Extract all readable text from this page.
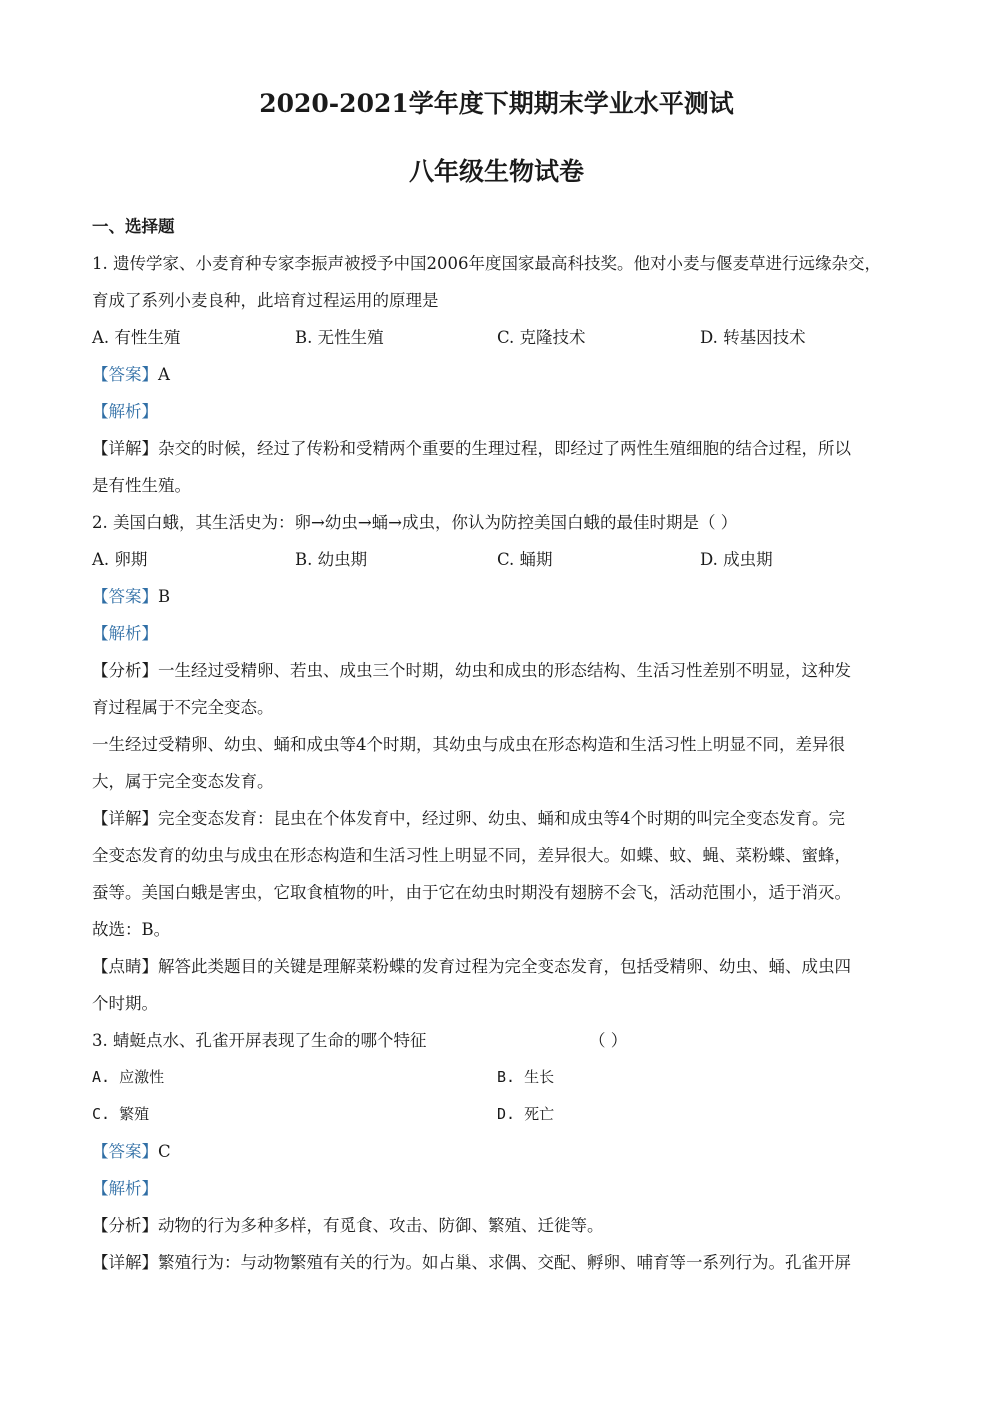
2020-2021学年度下期期末学业水平测试
八年级生物试卷
一、选择题
1. 遗传学家、小麦育种专家李振声被授予中国2006年度国家最高科技奖。他对小麦与偃麦草进行远缘杂交，
育成了系列小麦良种，此培育过程运用的原理是
A. 有性生殖	B. 无性生殖	C. 克隆技术	D. 转基因技术
【答案】A
【解析】
【详解】杂交的时候，经过了传粉和受精两个重要的生理过程，即经过了两性生殖细胞的结合过程，所以
是有性生殖。
2. 美国白蛾，其生活史为：卵→幼虫→蛹→成虫，你认为防控美国白蛾的最佳时期是（ ）
A. 卵期	B. 幼虫期	C. 蛹期	D. 成虫期
【答案】B
【解析】
【分析】一生经过受精卵、若虫、成虫三个时期，幼虫和成虫的形态结构、生活习性差别不明显，这种发
育过程属于不完全变态。
一生经过受精卵、幼虫、蛹和成虫等4个时期，其幼虫与成虫在形态构造和生活习性上明显不同，差异很
大，属于完全变态发育。
【详解】完全变态发育：昆虫在个体发育中，经过卵、幼虫、蛹和成虫等4个时期的叫完全变态发育。完
全变态发育的幼虫与成虫在形态构造和生活习性上明显不同，差异很大。如蝶、蚊、蝇、菜粉蝶、蜜蜂，
蚕等。美国白蛾是害虫，它取食植物的叶，由于它在幼虫时期没有翅膀不会飞，活动范围小，适于消灭。
故选：B。
【点睛】解答此类题目的关键是理解菜粉蝶的发育过程为完全变态发育，包括受精卵、幼虫、蛹、成虫四
个时期。
3. 蜻蜓点水、孔雀开屏表现了生命的哪个特征	（ ）
A. 应激性	B. 生长
C. 繁殖	D. 死亡
【答案】C
【解析】
【分析】动物的行为多种多样，有觅食、攻击、防御、繁殖、迁徙等。
【详解】繁殖行为：与动物繁殖有关的行为。如占巢、求偶、交配、孵卵、哺育等一系列行为。孔雀开屏
